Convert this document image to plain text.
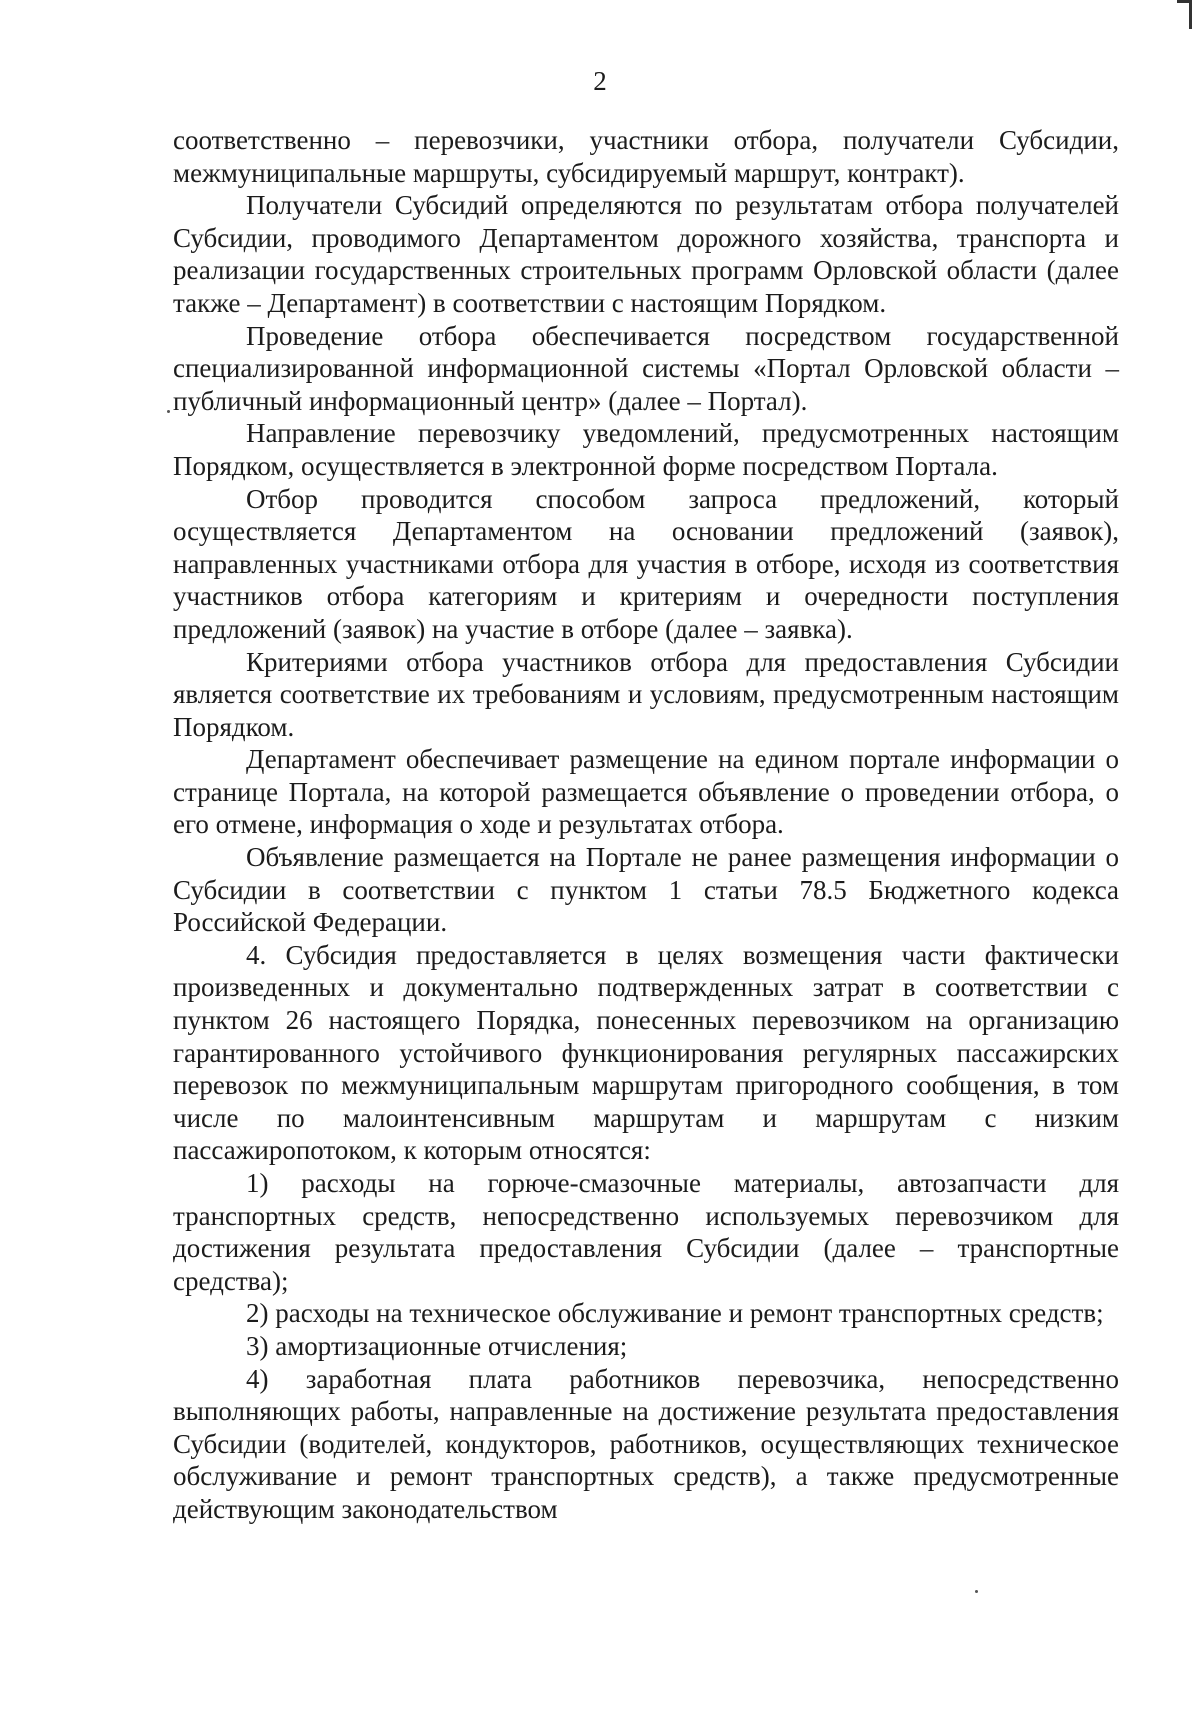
2

соответственно – перевозчики, участники отбора, получатели Субсидии, межмуниципальные маршруты, субсидируемый маршрут, контракт).

Получатели Субсидий определяются по результатам отбора получателей Субсидии, проводимого Департаментом дорожного хозяйства, транспорта и реализации государственных строительных программ Орловской области (далее также – Департамент) в соответствии с настоящим Порядком.

Проведение отбора обеспечивается посредством государственной специализированной информационной системы «Портал Орловской области – публичный информационный центр» (далее – Портал).

Направление перевозчику уведомлений, предусмотренных настоящим Порядком, осуществляется в электронной форме посредством Портала.

Отбор проводится способом запроса предложений, который осуществляется Департаментом на основании предложений (заявок), направленных участниками отбора для участия в отборе, исходя из соответствия участников отбора категориям и критериям и очередности поступления предложений (заявок) на участие в отборе (далее – заявка).

Критериями отбора участников отбора для предоставления Субсидии является соответствие их требованиям и условиям, предусмотренным настоящим Порядком.

Департамент обеспечивает размещение на едином портале информации о странице Портала, на которой размещается объявление о проведении отбора, о его отмене, информация о ходе и результатах отбора.

Объявление размещается на Портале не ранее размещения информации о Субсидии в соответствии с пунктом 1 статьи 78.5 Бюджетного кодекса Российской Федерации.

4. Субсидия предоставляется в целях возмещения части фактически произведенных и документально подтвержденных затрат в соответствии с пунктом 26 настоящего Порядка, понесенных перевозчиком на организацию гарантированного устойчивого функционирования регулярных пассажирских перевозок по межмуниципальным маршрутам пригородного сообщения, в том числе по малоинтенсивным маршрутам и маршрутам с низким пассажиропотоком, к которым относятся:

1) расходы на горюче-смазочные материалы, автозапчасти для транспортных средств, непосредственно используемых перевозчиком для достижения результата предоставления Субсидии (далее – транспортные средства);

2) расходы на техническое обслуживание и ремонт транспортных средств;

3) амортизационные отчисления;

4) заработная плата работников перевозчика, непосредственно выполняющих работы, направленные на достижение результата предоставления Субсидии (водителей, кондукторов, работников, осуществляющих техническое обслуживание и ремонт транспортных средств), а также предусмотренные действующим законодательством
